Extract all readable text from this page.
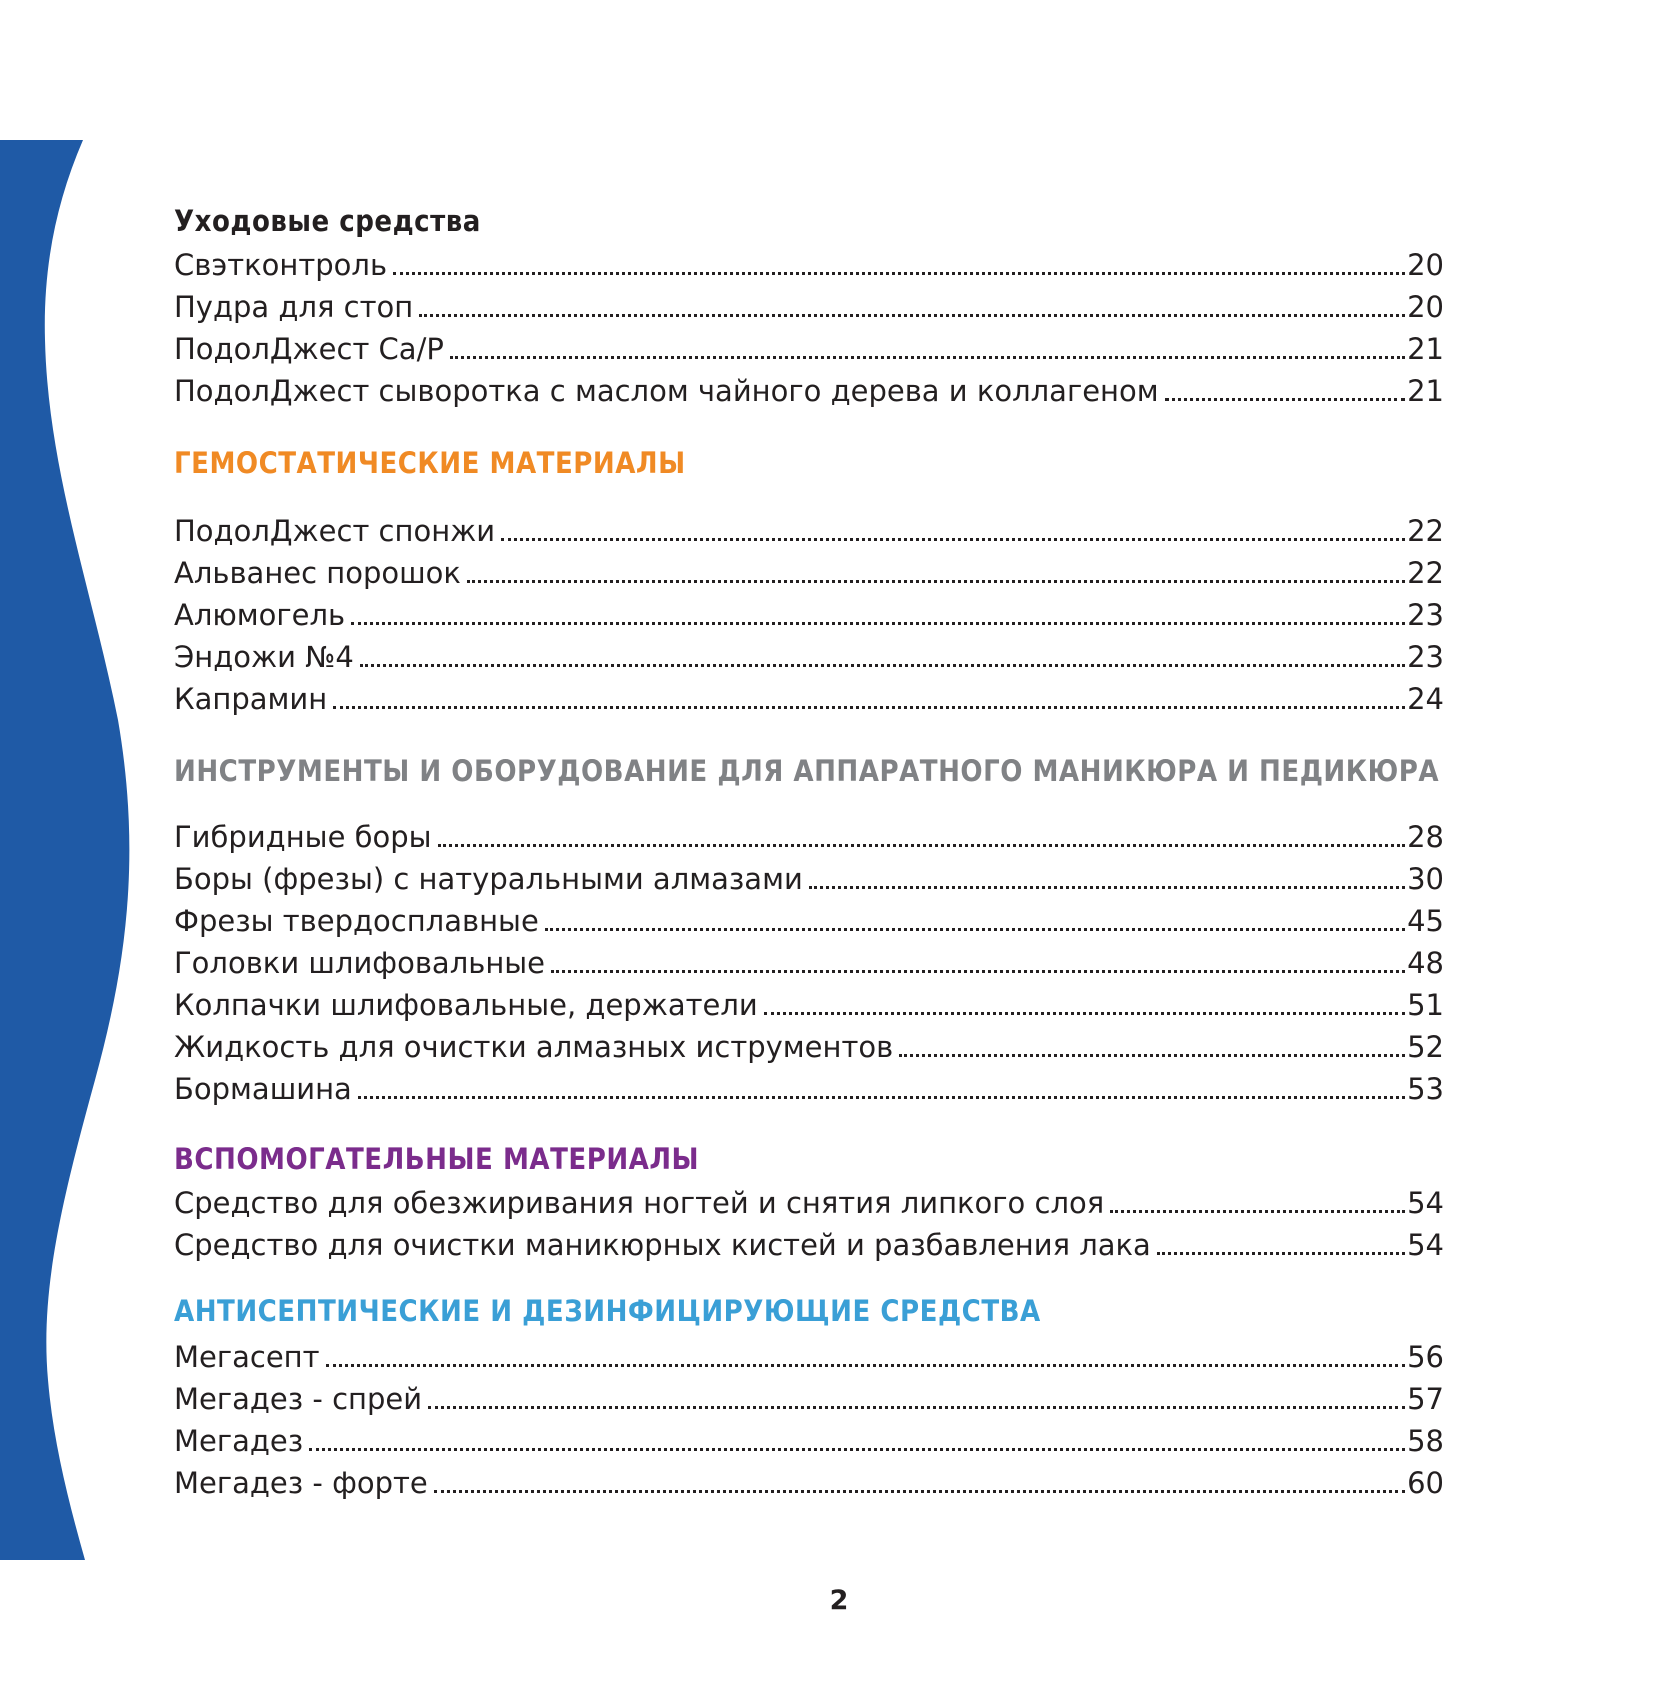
Уходовые средства
Свэтконтроль	20
Пудра для стоп	20
ПодолДжест Са/Р	21
ПодолДжест сыворотка с маслом чайного дерева и коллагеном	21
ГЕМОСТАТИЧЕСКИЕ МАТЕРИАЛЫ
ПодолДжест спонжи	22
Альванес порошок	22
Алюмогель	23
Эндожи №4	23
Капрамин	24
ИНСТРУМЕНТЫ И ОБОРУДОВАНИЕ ДЛЯ АППАРАТНОГО МАНИКЮРА И ПЕДИКЮРА
Гибридные боры	28
Боры (фрезы) с натуральными алмазами	30
Фрезы твердосплавные	45
Головки шлифовальные	48
Колпачки шлифовальные, держатели	51
Жидкость для очистки алмазных иструментов	52
Бормашина	53
ВСПОМОГАТЕЛЬНЫЕ МАТЕРИАЛЫ
Средство для обезжиривания ногтей и снятия липкого слоя	54
Средство для очистки маникюрных кистей и разбавления лака	54
АНТИСЕПТИЧЕСКИЕ И ДЕЗИНФИЦИРУЮЩИЕ СРЕДСТВА
Мегасепт	56
Мегадез - спрей	57
Мегадез	58
Мегадез - форте	60
2
